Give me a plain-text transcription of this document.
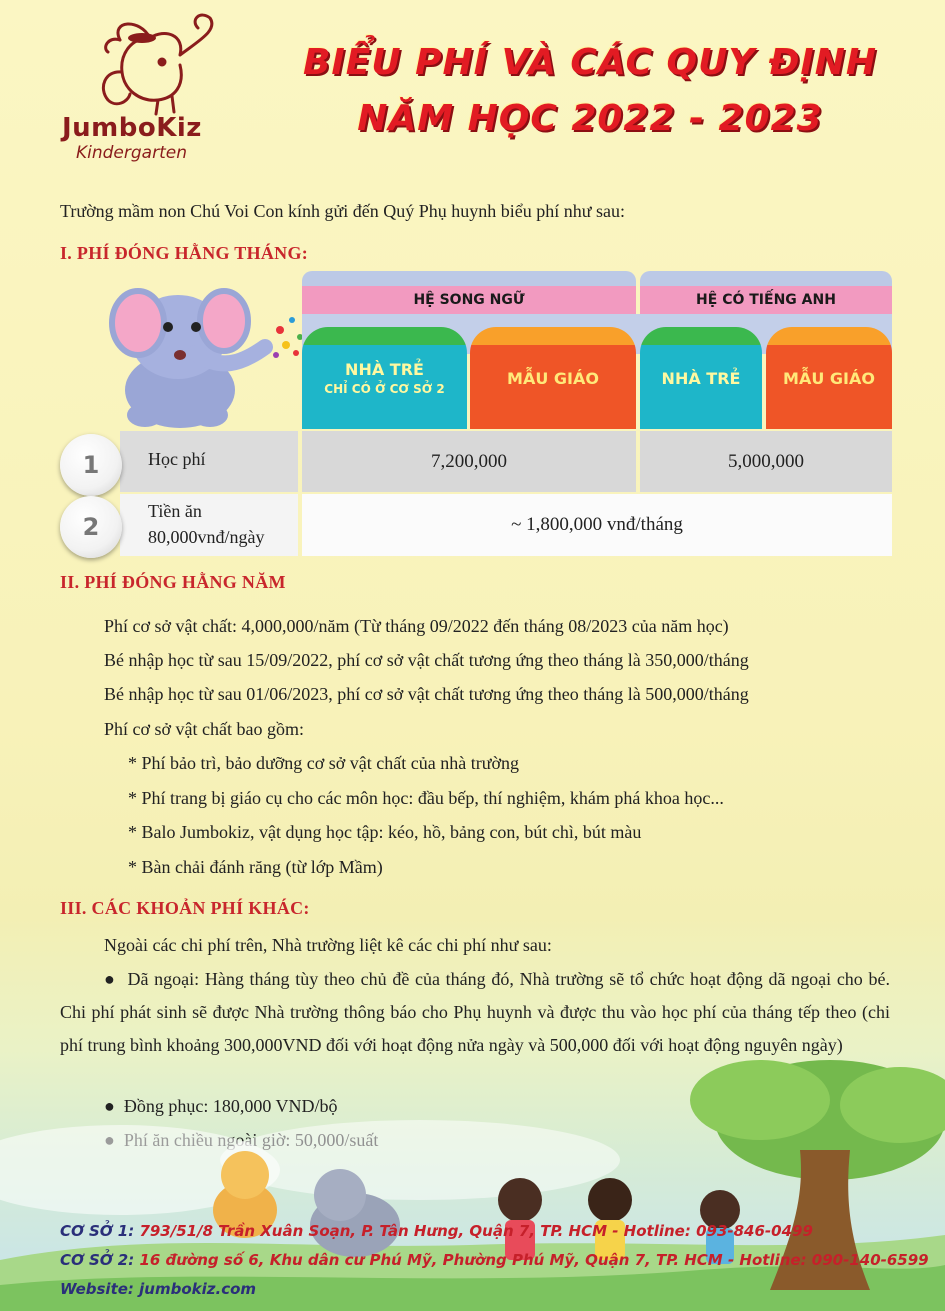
JumboKiz
Kindergarten
BIỂU PHÍ VÀ CÁC QUY ĐỊNH
NĂM HỌC 2022 - 2023
Trường mầm non Chú Voi Con kính gửi đến Quý Phụ huynh biểu phí như sau:
I. PHÍ ĐÓNG HẰNG THÁNG:
HỆ SONG NGỮ	HỆ CÓ TIẾNG ANH
NHÀ TRẺ
CHỈ CÓ Ở CƠ SỞ 2
MẪU GIÁO	NHÀ TRẺ	MẪU GIÁO
Học phí	7,200,000	5,000,000
Tiền ăn
80,000vnđ/ngày
~ 1,800,000 vnđ/tháng
1
2
II. PHÍ ĐÓNG HẰNG NĂM
Phí cơ sở vật chất: 4,000,000/năm (Từ tháng 09/2022 đến tháng 08/2023 của năm học)
Bé nhập học từ sau 15/09/2022, phí cơ sở vật chất tương ứng theo tháng là 350,000/tháng
Bé nhập học từ sau 01/06/2023, phí cơ sở vật chất tương ứng theo tháng là 500,000/tháng
Phí cơ sở vật chất bao gồm:
* Phí bảo trì, bảo dưỡng cơ sở vật chất của nhà trường
* Phí trang bị giáo cụ cho các môn học: đầu bếp, thí nghiệm, khám phá khoa học...
* Balo Jumbokiz, vật dụng học tập: kéo, hồ, bảng con, bút chì, bút màu
* Bàn chải đánh răng (từ lớp Mầm)
III. CÁC KHOẢN PHÍ KHÁC:
Ngoài các chi phí trên, Nhà trường liệt kê các chi phí như sau:
●  Dã ngoại: Hàng tháng tùy theo chủ đề của tháng đó, Nhà trường sẽ tổ chức hoạt động dã ngoại cho bé. Chi phí phát sinh sẽ được Nhà trường thông báo cho Phụ huynh và được thu vào học phí của tháng tếp theo (chi phí trung bình khoảng 300,000VND đối với hoạt động nửa ngày và 500,000 đối với hoạt động nguyên ngày)
●  Đồng phục: 180,000 VND/bộ
CƠ SỞ 1: 793/51/8 Trần Xuân Soạn, P. Tân Hưng, Quận 7, TP. HCM - Hotline: 093-846-0499
CƠ SỞ 2: 16 đường số 6, Khu dân cư Phú Mỹ, Phường Phú Mỹ, Quận 7, TP. HCM - Hotline: 090-140-6599
Website: jumbokiz.com
